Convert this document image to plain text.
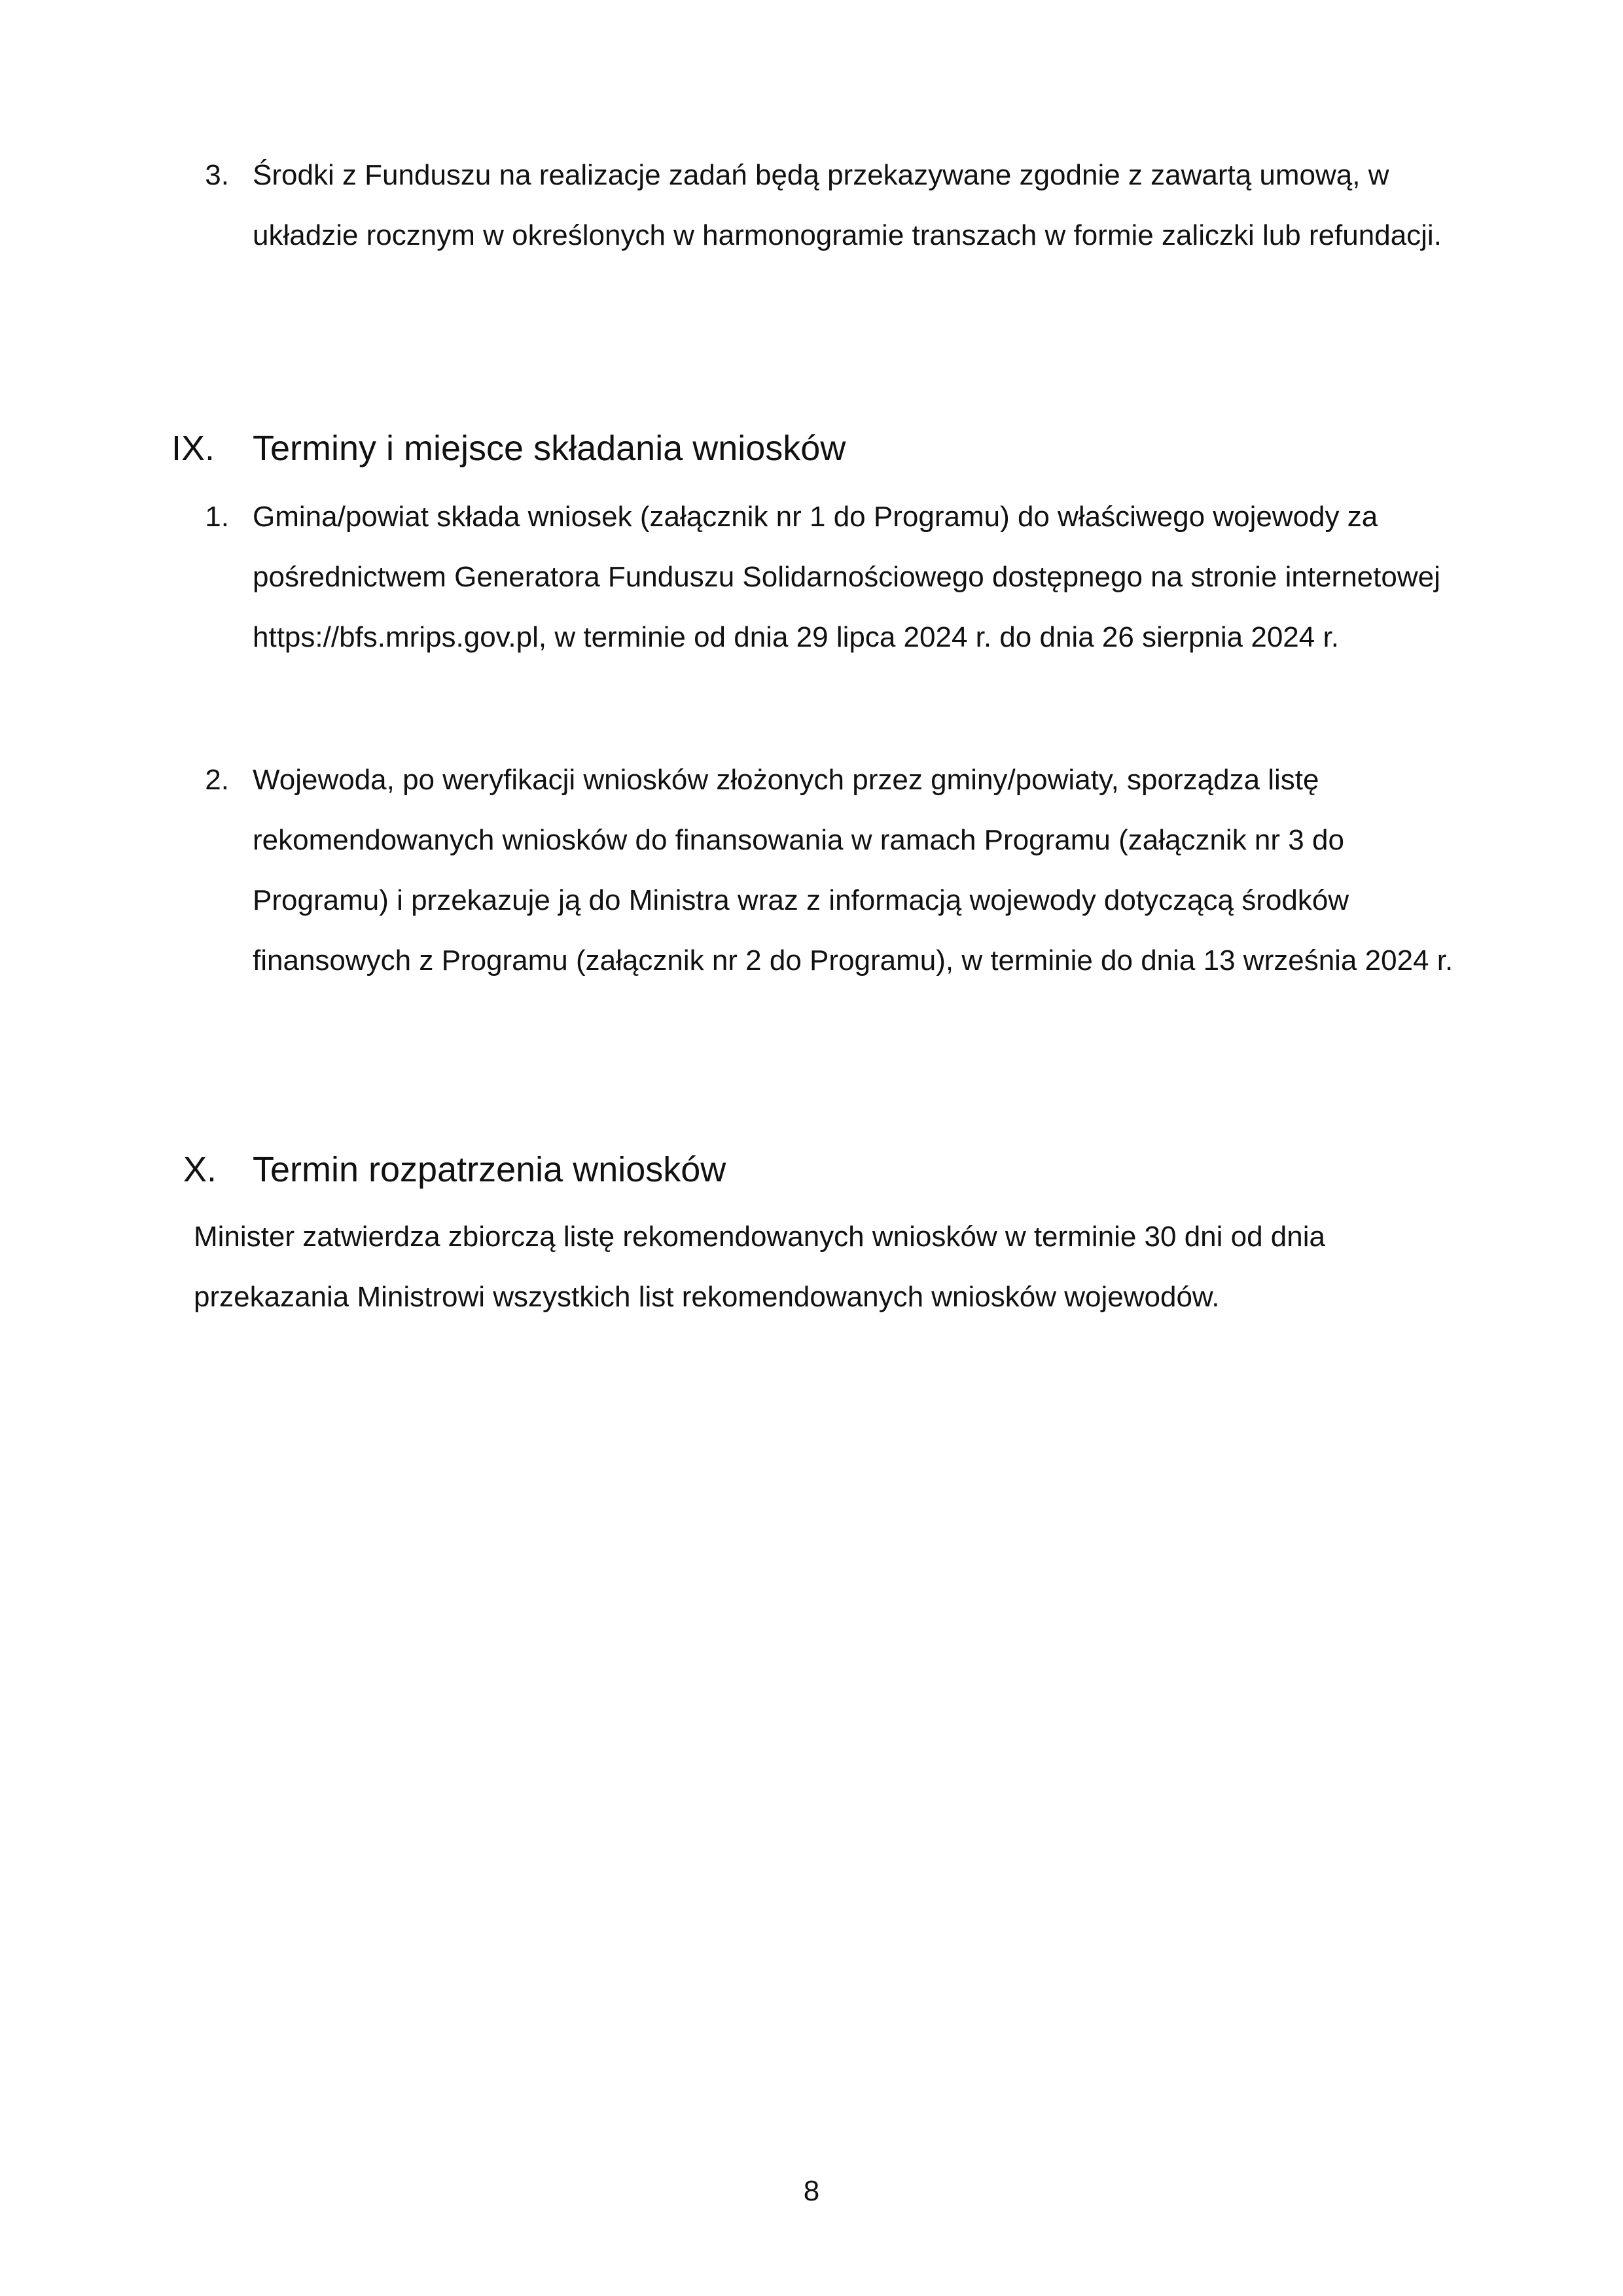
3. Środki z Funduszu na realizacje zadań będą przekazywane zgodnie z zawartą umową, w układzie rocznym w określonych w harmonogramie transzach w formie zaliczki lub refundacji.
IX. Terminy i miejsce składania wniosków
1. Gmina/powiat składa wniosek (załącznik nr 1 do Programu) do właściwego wojewody za pośrednictwem Generatora Funduszu Solidarnościowego dostępnego na stronie internetowej https://bfs.mrips.gov.pl, w terminie od dnia 29 lipca 2024 r. do dnia 26 sierpnia 2024 r.
2. Wojewoda, po weryfikacji wniosków złożonych przez gminy/powiaty, sporządza listę rekomendowanych wniosków do finansowania w ramach Programu (załącznik nr 3 do Programu) i przekazuje ją do Ministra wraz z informacją wojewody dotyczącą środków finansowych z Programu (załącznik nr 2 do Programu), w terminie do dnia 13 września 2024 r.
X. Termin rozpatrzenia wniosków
Minister zatwierdza zbiorczą listę rekomendowanych wniosków w terminie 30 dni od dnia przekazania Ministrowi wszystkich list rekomendowanych wniosków wojewodów.
8
